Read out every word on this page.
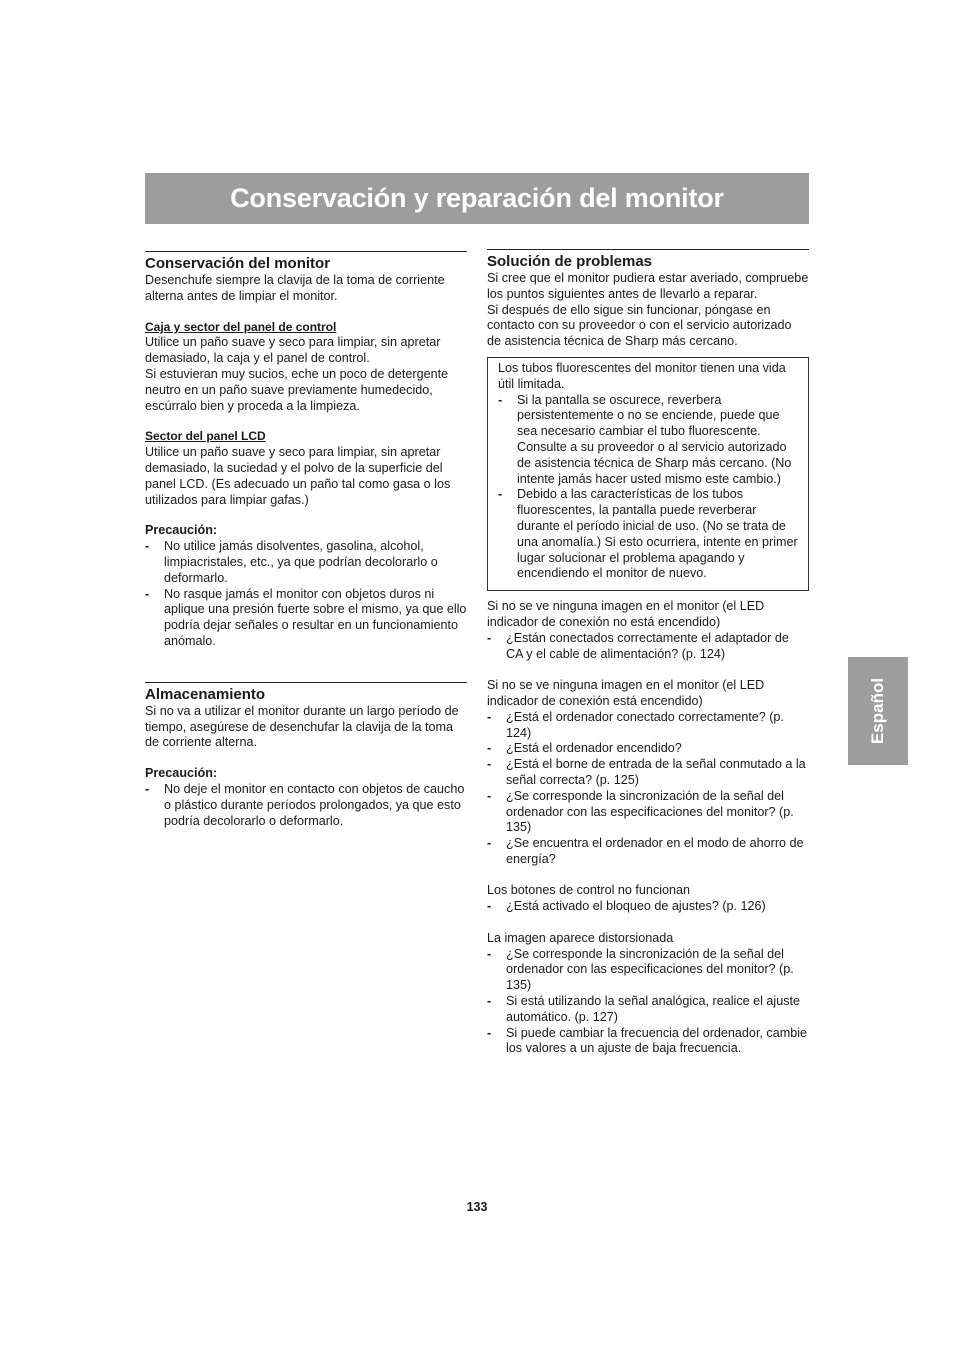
Conservación y reparación del monitor
Conservación del monitor

Desenchufe siempre la clavija de la toma de corriente alterna antes de limpiar el monitor.

Caja y sector del panel de control

Utilice un paño suave y seco para limpiar, sin apretar demasiado, la caja y el panel de control.

Si estuvieran muy sucios, eche un poco de detergente neutro en un paño suave previamente humedecido, escúrralo bien y proceda a la limpieza.

Sector del panel LCD

Utilice un paño suave y seco para limpiar, sin apretar demasiado, la suciedad y el polvo de la superficie del panel LCD. (Es adecuado un paño tal como gasa o los utilizados para limpiar gafas.)

Precaución:

- No utilice jamás disolventes, gasolina, alcohol, limpiacristales, etc., ya que podrían decolorarlo o deformarlo.
- No rasque jamás el monitor con objetos duros ni aplique una presión fuerte sobre el mismo, ya que ello podría dejar señales o resultar en un funcionamiento anómalo.
Almacenamiento

Si no va a utilizar el monitor durante un largo período de tiempo, asegúrese de desenchufar la clavija de la toma de corriente alterna.

Precaución:

- No deje el monitor en contacto con objetos de caucho o plástico durante períodos prolongados, ya que esto podría decolorarlo o deformarlo.
Solución de problemas

Si cree que el monitor pudiera estar averiado, compruebe los puntos siguientes antes de llevarlo a reparar.

Si después de ello sigue sin funcionar, póngase en contacto con su proveedor o con el servicio autorizado de asistencia técnica de Sharp más cercano.

Los tubos fluorescentes del monitor tienen una vida útil limitada.

- Si la pantalla se oscurece, reverbera persistentemente o no se enciende, puede que sea necesario cambiar el tubo fluorescente. Consulte a su proveedor o al servicio autorizado de asistencia técnica de Sharp más cercano. (No intente jamás hacer usted mismo este cambio.)
- Debido a las características de los tubos fluorescentes, la pantalla puede reverberar durante el período inicial de uso. (No se trata de una anomalía.) Si esto ocurriera, intente en primer lugar solucionar el problema apagando y encendiendo el monitor de nuevo.

Si no se ve ninguna imagen en el monitor (el LED indicador de conexión no está encendido)

- ¿Están conectados correctamente el adaptador de CA y el cable de alimentación? (p. 124)

Si no se ve ninguna imagen en el monitor (el LED indicador de conexión está encendido)

- ¿Está el ordenador conectado correctamente? (p. 124)
- ¿Está el ordenador encendido?
- ¿Está el borne de entrada de la señal conmutado a la señal correcta? (p. 125)
- ¿Se corresponde la sincronización de la señal del ordenador con las especificaciones del monitor? (p. 135)
- ¿Se encuentra el ordenador en el modo de ahorro de energía?

Los botones de control no funcionan

- ¿Está activado el bloqueo de ajustes? (p. 126)

La imagen aparece distorsionada

- ¿Se corresponde la sincronización de la señal del ordenador con las especificaciones del monitor? (p. 135)
- Si está utilizando la señal analógica, realice el ajuste automático. (p. 127)
- Si puede cambiar la frecuencia del ordenador, cambie los valores a un ajuste de baja frecuencia.
Español
133
